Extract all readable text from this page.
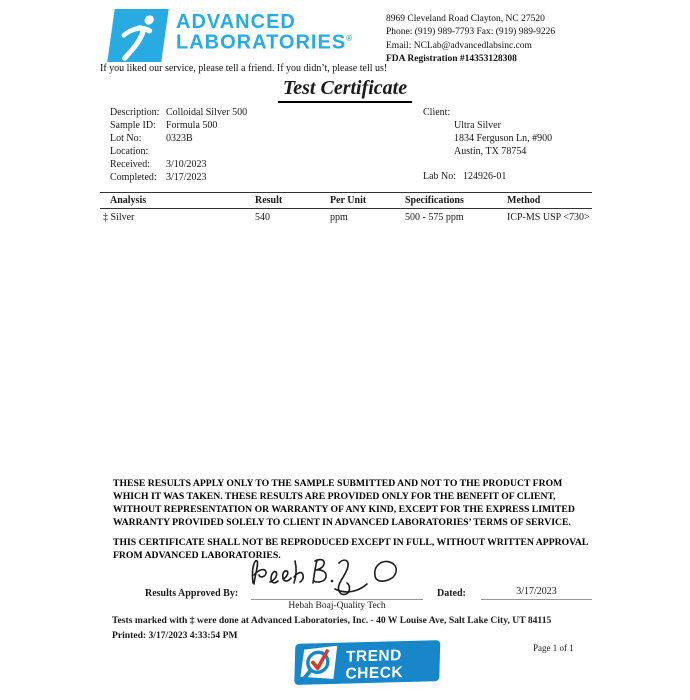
ADVANCED
LABORATORIES®
If you liked our service, please tell a friend. If you didn’t, please tell us!
8969 Cleveland Road Clayton, NC 27520
Phone: (919) 989-7793 Fax: (919) 989-9226
Email: NCLab@advancedlabsinc.com
FDA Registration #14353128308
Test Certificate
Description: Colloidal Silver 500
Sample ID: Formula 500
Lot No: 0323B
Location:
Received: 3/10/2023
Completed: 3/17/2023
Client:
Ultra Silver
1834 Ferguson Ln, #900
Austin, TX 78754
Lab No: 124926-01
Analysis	Result	Per Unit	Specifications	Method
‡ Silver	540	ppm	500 - 575 ppm	ICP-MS USP <730>
THESE RESULTS APPLY ONLY TO THE SAMPLE SUBMITTED AND NOT TO THE PRODUCT FROM WHICH IT WAS TAKEN. THESE RESULTS ARE PROVIDED ONLY FOR THE BENEFIT OF CLIENT, WITHOUT REPRESENTATION OR WARRANTY OF ANY KIND, EXCEPT FOR THE EXPRESS LIMITED WARRANTY PROVIDED SOLELY TO CLIENT IN ADVANCED LABORATORIES’ TERMS OF SERVICE.
THIS CERTIFICATE SHALL NOT BE REPRODUCED EXCEPT IN FULL, WITHOUT WRITTEN APPROVAL FROM ADVANCED LABORATORIES.
Results Approved By:
Hebah Boaj-Quality Tech
Dated:	3/17/2023
Tests marked with ‡ were done at Advanced Laboratories, Inc. - 40 W Louise Ave, Salt Lake City, UT 84115
Printed: 3/17/2023 4:33:54 PM
TREND
CHECK
Page 1 of 1
